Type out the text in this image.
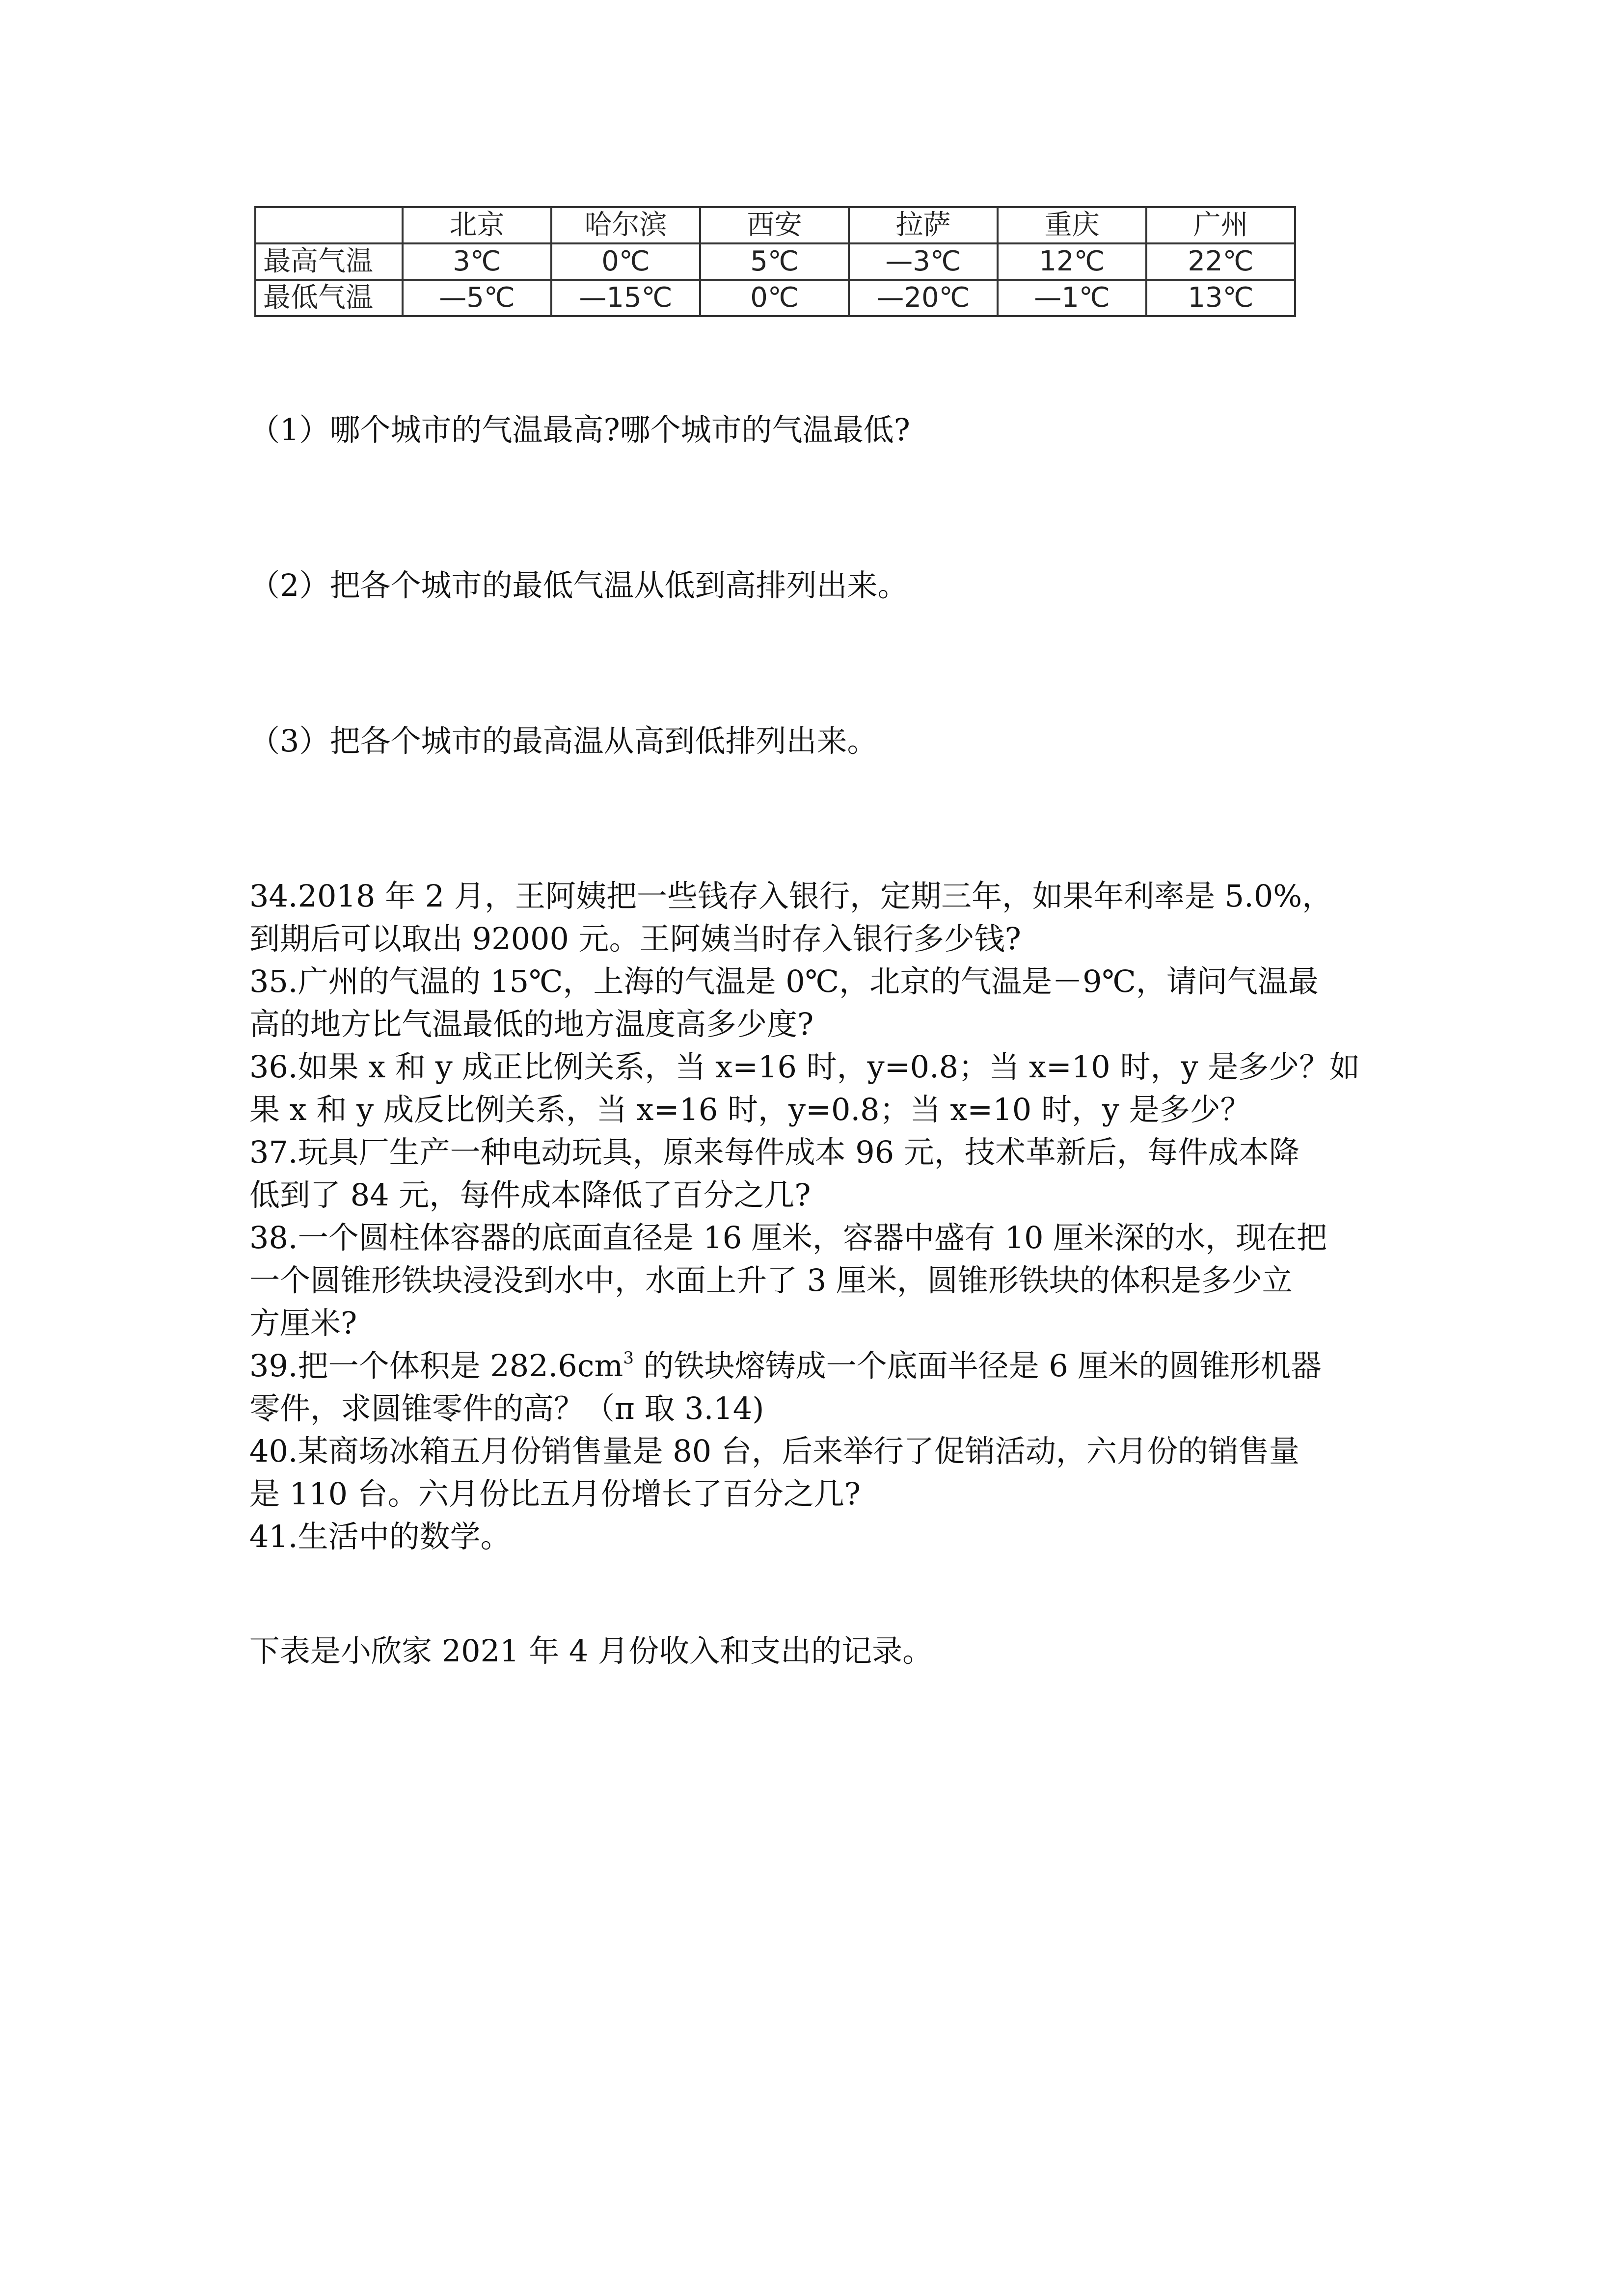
	北京	哈尔滨	西安	拉萨	重庆	广州
最高气温	3℃	0℃	5℃	—3℃	12℃	22℃
最低气温	—5℃	—15℃	0℃	—20℃	—1℃	13℃
（1）哪个城市的气温最高?哪个城市的气温最低?
（2）把各个城市的最低气温从低到高排列出来。
（3）把各个城市的最高温从高到低排列出来。
34.2018 年 2 月，王阿姨把一些钱存入银行，定期三年，如果年利率是 5.0%，
到期后可以取出 92000 元。王阿姨当时存入银行多少钱?
35.广州的气温的 15℃，上海的气温是 0℃，北京的气温是－9℃，请问气温最
高的地方比气温最低的地方温度高多少度?
36.如果 x 和 y 成正比例关系，当 x=16 时，y=0.8；当 x=10 时，y 是多少？如
果 x 和 y 成反比例关系，当 x=16 时，y=0.8；当 x=10 时，y 是多少？
37.玩具厂生产一种电动玩具，原来每件成本 96 元，技术革新后，每件成本降
低到了 84 元，每件成本降低了百分之几?
38.一个圆柱体容器的底面直径是 16 厘米，容器中盛有 10 厘米深的水，现在把
一个圆锥形铁块浸没到水中，水面上升了 3 厘米，圆锥形铁块的体积是多少立
方厘米?
39.把一个体积是 $282.6cm^3$ 的铁块熔铸成一个底面半径是 6 厘米的圆锥形机器
零件，求圆锥零件的高？（π 取 3.14)
40.某商场冰箱五月份销售量是 80 台，后来举行了促销活动，六月份的销售量
是 110 台。六月份比五月份增长了百分之几?
41.生活中的数学。
下表是小欣家 2021 年 4 月份收入和支出的记录。
